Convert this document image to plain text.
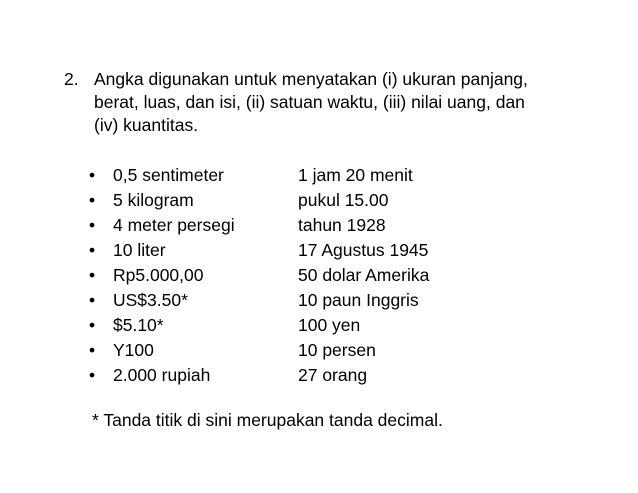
2. Angka digunakan untuk menyatakan (i) ukuran panjang,
berat, luas, dan isi, (ii) satuan waktu, (iii) nilai uang, dan
(iv) kuantitas.
• 0,5 sentimeter	1 jam 20 menit
• 5 kilogram	pukul 15.00
• 4 meter persegi	tahun 1928
• 10 liter	17 Agustus 1945
• Rp5.000,00	50 dolar Amerika
• US$3.50*	10 paun Inggris
• $5.10*	100 yen
• Y100	10 persen
• 2.000 rupiah	27 orang
* Tanda titik di sini merupakan tanda decimal.
